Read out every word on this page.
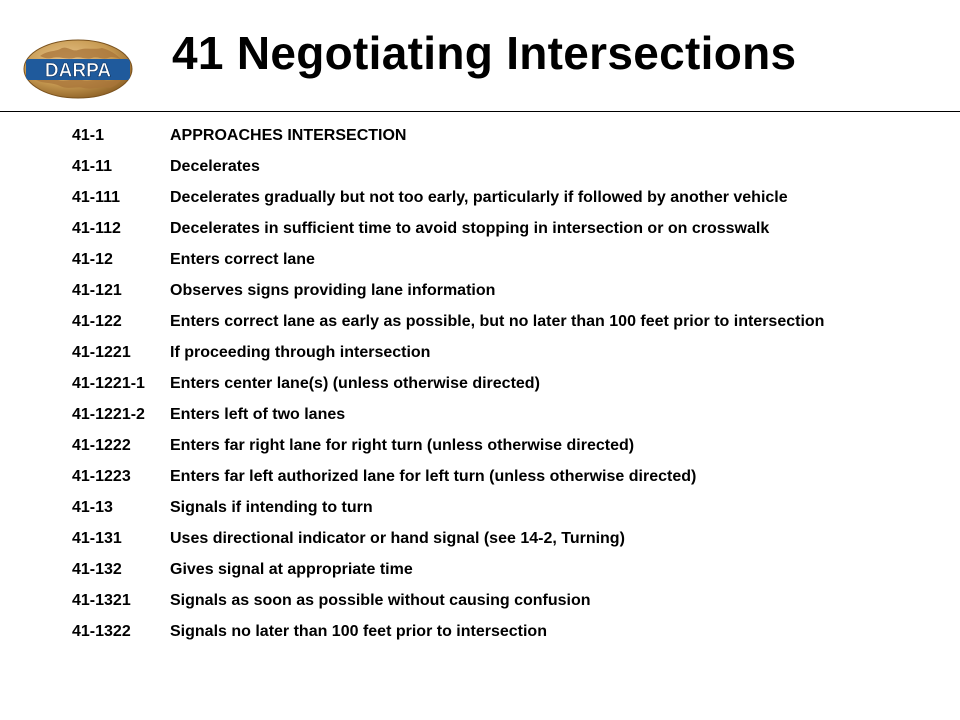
DARPA 41 Negotiating Intersections
41-1	APPROACHES INTERSECTION
41-11	Decelerates
41-111	Decelerates gradually but not too early, particularly if followed by another vehicle
41-112	Decelerates in sufficient time to avoid stopping in intersection or on crosswalk
41-12	Enters correct lane
41-121	Observes signs providing lane information
41-122	Enters correct lane as early as possible, but no later than 100 feet prior to intersection
41-1221	If proceeding through intersection
41-1221-1	Enters center lane(s) (unless otherwise directed)
41-1221-2	Enters left of two lanes
41-1222	Enters far right lane for right turn (unless otherwise directed)
41-1223	Enters far left authorized lane for left turn (unless otherwise directed)
41-13	Signals if intending to turn
41-131	Uses directional indicator or hand signal (see 14-2, Turning)
41-132	Gives signal at appropriate time
41-1321	Signals as soon as possible without causing confusion
41-1322	Signals no later than 100 feet prior to intersection
